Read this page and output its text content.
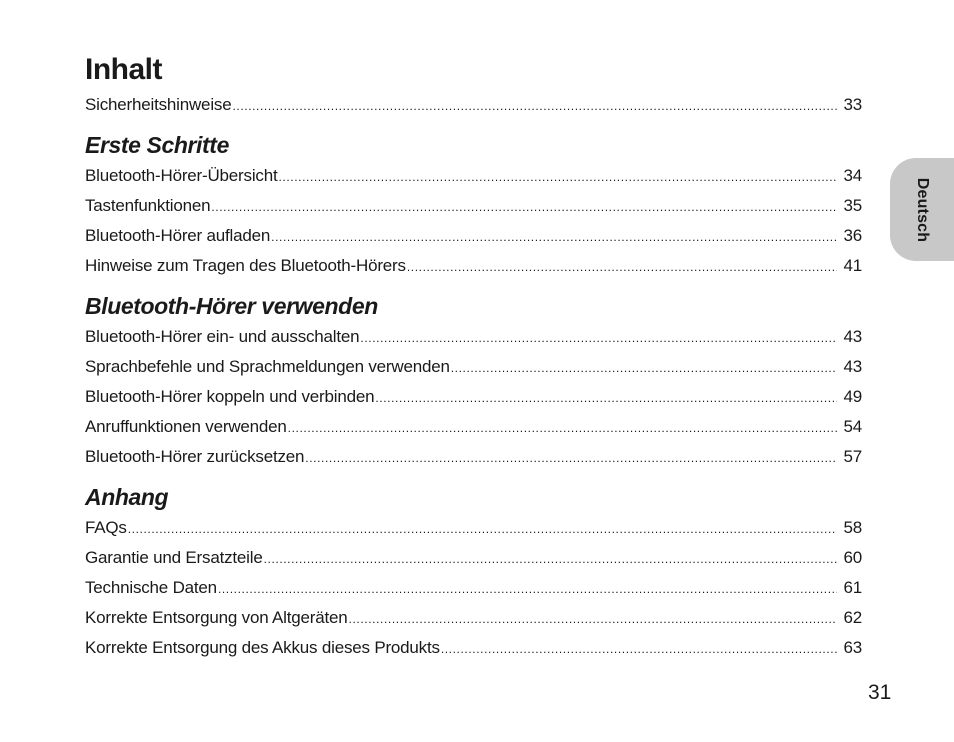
Inhalt
Sicherheitshinweise .....	33
Erste Schritte
Bluetooth-Hörer-Übersicht .....	34
Tastenfunktionen .....	35
Bluetooth-Hörer aufladen .....	36
Hinweise zum Tragen des Bluetooth-Hörers .....	41
Bluetooth-Hörer verwenden
Bluetooth-Hörer ein- und ausschalten .....	43
Sprachbefehle und Sprachmeldungen verwenden .....	43
Bluetooth-Hörer koppeln und verbinden .....	49
Anruffunktionen verwenden .....	54
Bluetooth-Hörer zurücksetzen .....	57
Anhang
FAQs .....	58
Garantie und Ersatzteile .....	60
Technische Daten .....	61
Korrekte Entsorgung von Altgeräten .....	62
Korrekte Entsorgung des Akkus dieses Produkts .....	63
Deutsch
31
